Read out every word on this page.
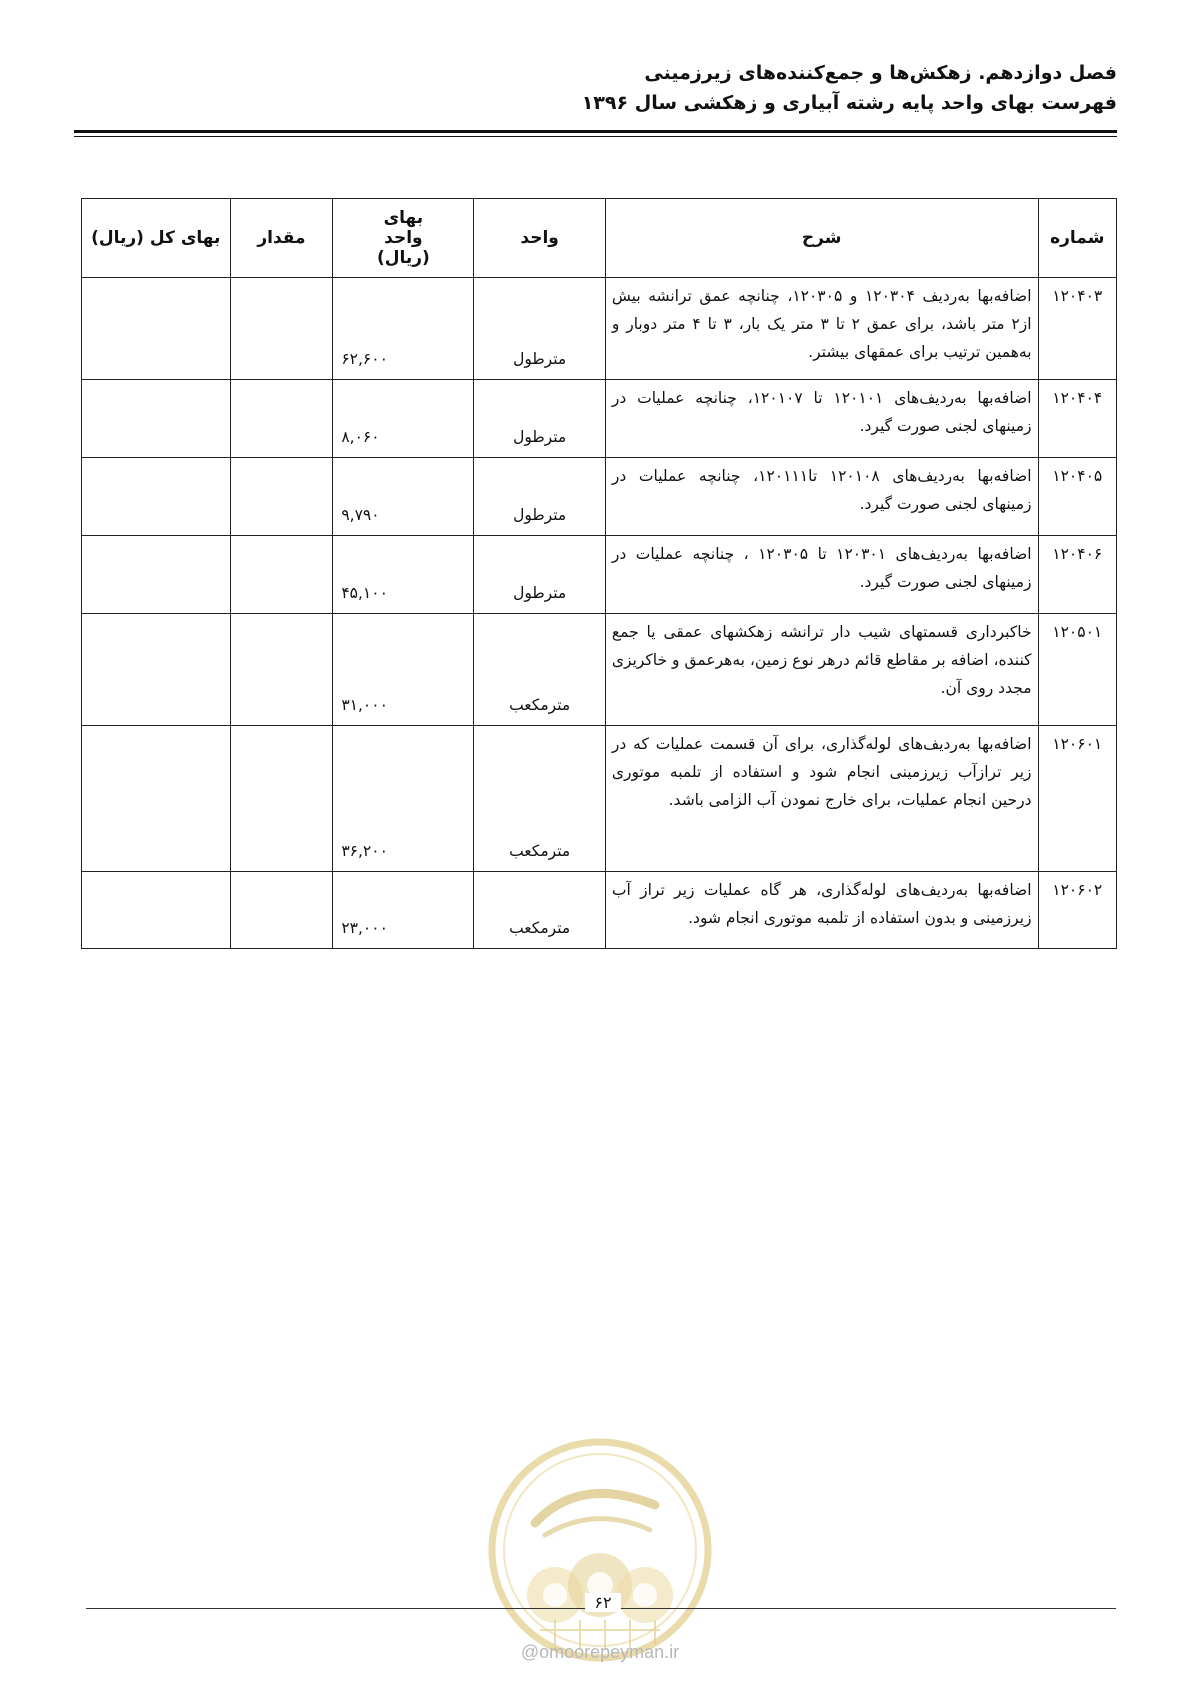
فصل دوازدهم. زهکش‌ها و جمع‌کننده‌های زیرزمینی
فهرست بهای واحد پایه رشته آبیاری و زهکشی سال ۱۳۹۶
شماره	شرح	واحد	بهای واحد (ریال)	مقدار	بهای کل (ریال)
۱۲۰۴۰۳	اضافه‌بها به‌ردیف ۱۲۰۳۰۴ و ۱۲۰۳۰۵، چنانچه عمق ترانشه بیش از۲ متر باشد، برای عمق ۲ تا ۳ متر یک بار، ۳ تا ۴ متر دوبار و به‌همین ترتیب برای عمقهای بیشتر.	مترطول	۶۲,۶۰۰		
۱۲۰۴۰۴	اضافه‌بها به‌ردیف‌های ۱۲۰۱۰۱ تا ۱۲۰۱۰۷، چنانچه عملیات در زمینهای لجنی صورت گیرد.	مترطول	۸,۰۶۰		
۱۲۰۴۰۵	اضافه‌بها به‌ردیف‌های ۱۲۰۱۰۸ تا۱۲۰۱۱۱، چنانچه عملیات در زمینهای لجنی صورت گیرد.	مترطول	۹,۷۹۰		
۱۲۰۴۰۶	اضافه‌بها به‌ردیف‌های ۱۲۰۳۰۱ تا ۱۲۰۳۰۵ ، چنانچه عملیات در زمینهای لجنی صورت گیرد.	مترطول	۴۵,۱۰۰		
۱۲۰۵۰۱	خاکبرداری قسمتهای شیب دار ترانشه زهکشهای عمقی یا جمع کننده، اضافه بر مقاطع قائم درهر نوع زمین، به‌هرعمق و خاکریزی مجدد روی آن.	مترمکعب	۳۱,۰۰۰		
۱۲۰۶۰۱	اضافه‌بها به‌ردیف‌های لوله‌گذاری، برای آن قسمت عملیات که در زیر ترازآب زیرزمینی انجام شود و استفاده از تلمبه موتوری درحین انجام عملیات، برای خارج نمودن آب الزامی باشد.	مترمکعب	۳۶,۲۰۰		
۱۲۰۶۰۲	اضافه‌بها به‌ردیف‌های لوله‌گذاری، هر گاه عملیات زیر تراز آب زیرزمینی و بدون استفاده از تلمبه موتوری انجام شود.	مترمکعب	۲۳,۰۰۰		
۶۲
@omoorepeyman.ir
